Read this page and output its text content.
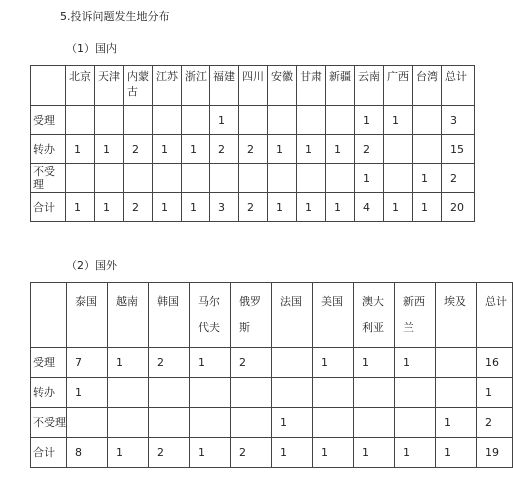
5.投诉问题发生地分布
（1）国内
	北京	天津	内蒙古	江苏	浙江	福建	四川	安徽	甘肃	新疆	云南	广西	台湾	总计
受理						1					1	1		3
转办	1	1	2	1	1	2	2	1	1	1	2			15
不受理											1		1	2
合计	1	1	2	1	1	3	2	1	1	1	4	1	1	20
（2）国外
	泰国	越南	韩国	马尔代夫	俄罗斯	法国	美国	澳大利亚	新西兰	埃及	总计
受理	7	1	2	1	2		1	1	1		16
转办	1										1
不受理						1				1	2
合计	8	1	2	1	2	1	1	1	1	1	19
